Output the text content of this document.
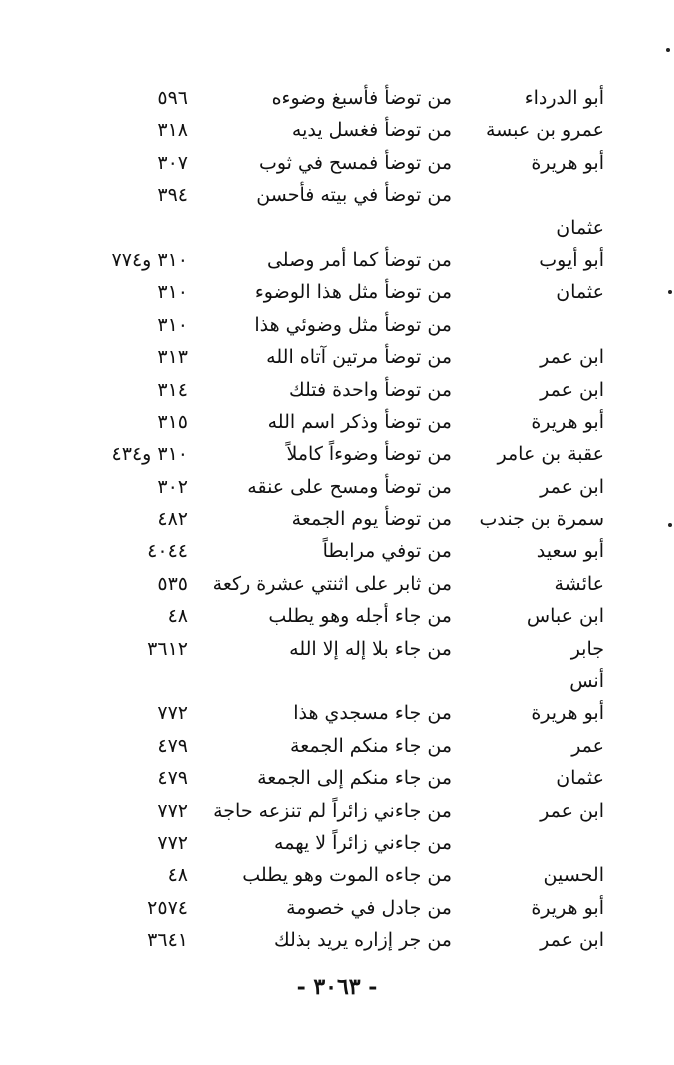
أبو الدرداء
من توضأ فأسبغ وضوءه
٥٩٦
عمرو بن عبسة
من توضأ فغسل يديه
٣١٨
أبو هريرة
من توضأ فمسح في ثوب
٣٠٧
من توضأ في بيته فأحسن
٣٩٤
عثمان
أبو أيوب
من توضأ كما أمر وصلى
٣١٠ و٧٧٤
عثمان
من توضأ مثل هذا الوضوء
٣١٠
من توضأ مثل وضوئي هذا
٣١٠
ابن عمر
من توضأ مرتين آتاه الله
٣١٣
ابن عمر
من توضأ واحدة فتلك
٣١٤
أبو هريرة
من توضأ وذكر اسم الله
٣١٥
عقبة بن عامر
من توضأ وضوءاً كاملاً
٣١٠ و٤٣٤
ابن عمر
من توضأ ومسح على عنقه
٣٠٢
سمرة بن جندب
من توضأ يوم الجمعة
٤٨٢
أبو سعيد
من توفي مرابطاً
٤٠٤٤
عائشة
من ثابر على اثنتي عشرة ركعة
٥٣٥
ابن عباس
من جاء أجله وهو يطلب
٤٨
جابر
من جاء بلا إله إلا الله
٣٦١٢
أنس
أبو هريرة
من جاء مسجدي هذا
٧٧٢
عمر
من جاء منكم الجمعة
٤٧٩
عثمان
من جاء منكم إلى الجمعة
٤٧٩
ابن عمر
من جاءني زائراً لم تنزعه حاجة
٧٧٢
من جاءني زائراً لا يهمه
٧٧٢
الحسين
من جاءه الموت وهو يطلب
٤٨
أبو هريرة
من جادل في خصومة
٢٥٧٤
ابن عمر
من جر إزاره يريد بذلك
٣٦٤١
- ٣٠٦٣ -
